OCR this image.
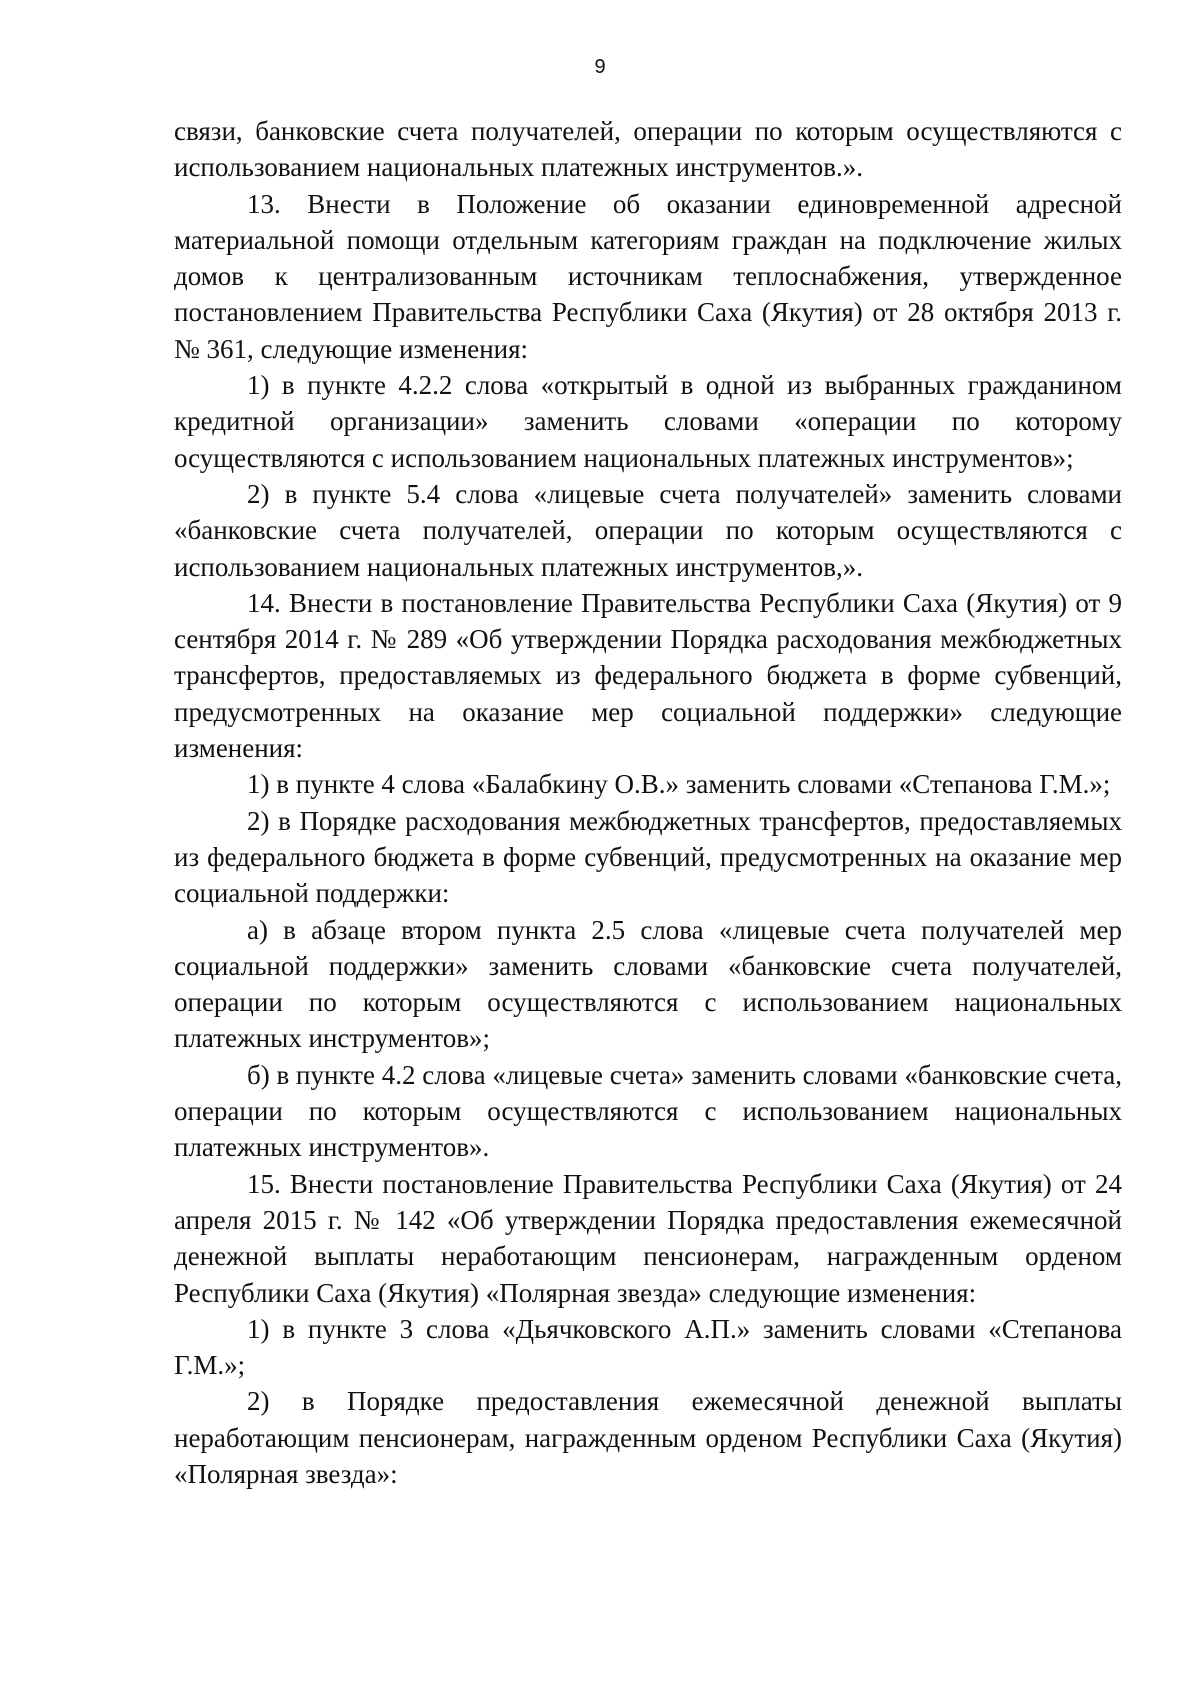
9

связи, банковские счета получателей, операции по которым осуществляются с использованием национальных платежных инструментов.».

13. Внести в Положение об оказании единовременной адресной материальной помощи отдельным категориям граждан на подключение жилых домов к централизованным источникам теплоснабжения, утвержденное постановлением Правительства Республики Саха (Якутия) от 28 октября 2013 г. № 361, следующие изменения:

1) в пункте 4.2.2 слова «открытый в одной из выбранных гражданином кредитной организации» заменить словами «операции по которому осуществляются с использованием национальных платежных инструментов»;

2) в пункте 5.4 слова «лицевые счета получателей» заменить словами «банковские счета получателей, операции по которым осуществляются с использованием национальных платежных инструментов,».

14. Внести в постановление Правительства Республики Саха (Якутия) от 9 сентября 2014 г. № 289 «Об утверждении Порядка расходования межбюджетных трансфертов, предоставляемых из федерального бюджета в форме субвенций, предусмотренных на оказание мер социальной поддержки» следующие изменения:

1) в пункте 4 слова «Балабкину О.В.» заменить словами «Степанова Г.М.»;

2) в Порядке расходования межбюджетных трансфертов, предоставляемых из федерального бюджета в форме субвенций, предусмотренных на оказание мер социальной поддержки:

а) в абзаце втором пункта 2.5 слова «лицевые счета получателей мер социальной поддержки» заменить словами «банковские счета получателей, операции по которым осуществляются с использованием национальных платежных инструментов»;

б) в пункте 4.2 слова «лицевые счета» заменить словами «банковские счета, операции по которым осуществляются с использованием национальных платежных инструментов».

15. Внести постановление Правительства Республики Саха (Якутия) от 24 апреля 2015 г. № 142 «Об утверждении Порядка предоставления ежемесячной денежной выплаты неработающим пенсионерам, награжденным орденом Республики Саха (Якутия) «Полярная звезда» следующие изменения:

1) в пункте 3 слова «Дьячковского А.П.» заменить словами «Степанова Г.М.»;

2) в Порядке предоставления ежемесячной денежной выплаты неработающим пенсионерам, награжденным орденом Республики Саха (Якутия) «Полярная звезда»:
